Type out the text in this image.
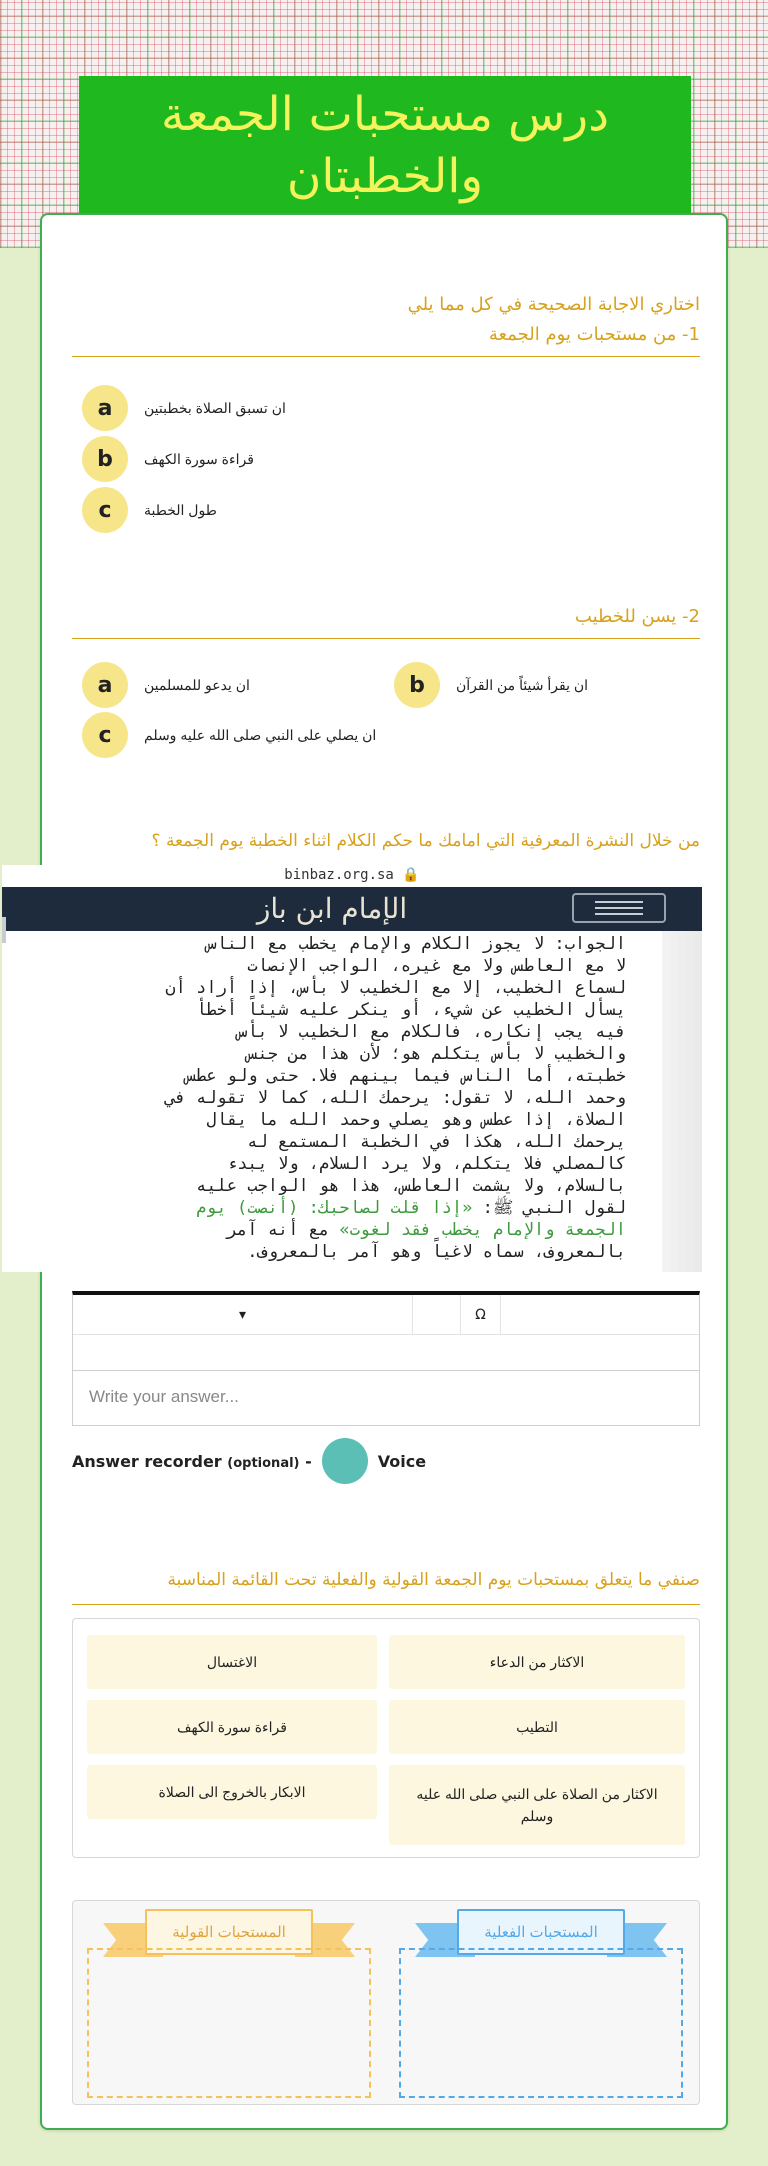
درس مستحبات الجمعة والخطبتان
اختاري الاجابة الصحيحة في كل مما يلي
1- من مستحبات يوم الجمعة
a	ان تسبق الصلاة بخطبتين
b	قراءة سورة الكهف
c	طول الخطبة
2- يسن للخطيب
a	ان يدعو للمسلمين	b	ان يقرأ شيئاً من القرآن
c	ان يصلي على النبي صلى الله عليه وسلم
من خلال النشرة المعرفية التي امامك ما حكم الكلام اثناء الخطبة يوم الجمعة ؟
binbaz.org.sa 🔒
الإمام ابن باز
الجواب: لا يجوز الكلام والإمام يخطب مع الناس
لا مع العاطس ولا مع غيره، الواجب الإنصات
لسماع الخطيب، إلا مع الخطيب لا بأس، إذا أراد أن
يسأل الخطيب عن شيء، أو ينكر عليه شيئاً أخطأ
فيه يجب إنكاره، فالكلام مع الخطيب لا بأس
والخطيب لا بأس يتكلم هو؛ لأن هذا من جنس
خطبته، أما الناس فيما بينهم فلا. حتى ولو عطس
وحمد الله، لا تقول: يرحمك الله، كما لا تقوله في
الصلاة، إذا عطس وهو يصلي وحمد الله ما يقال
يرحمك الله، هكذا في الخطبة المستمع له
كالمصلي فلا يتكلم، ولا يرد السلام، ولا يبدء
بالسلام، ولا يشمت العاطس، هذا هو الواجب عليه
لقول النبي ﷺ: «إذا قلت لصاحبك: (أنصت) يوم
الجمعة والإمام يخطب فقد لغوت» مع أنه آمر
بالمعروف، سماه لاغياً وهو آمر بالمعروف.
▾	Ω
Write your answer...
Answer recorder (optional) -	Voice
صنفي ما يتعلق بمستحبات يوم الجمعة القولية والفعلية تحت القائمة المناسبة
الاكثار من الدعاء
الاغتسال
التطيب
قراءة سورة الكهف
الاكثار من الصلاة على النبي صلى الله عليه وسلم
الابكار بالخروج الى الصلاة
المستحبات الفعلية
المستحبات القولية
